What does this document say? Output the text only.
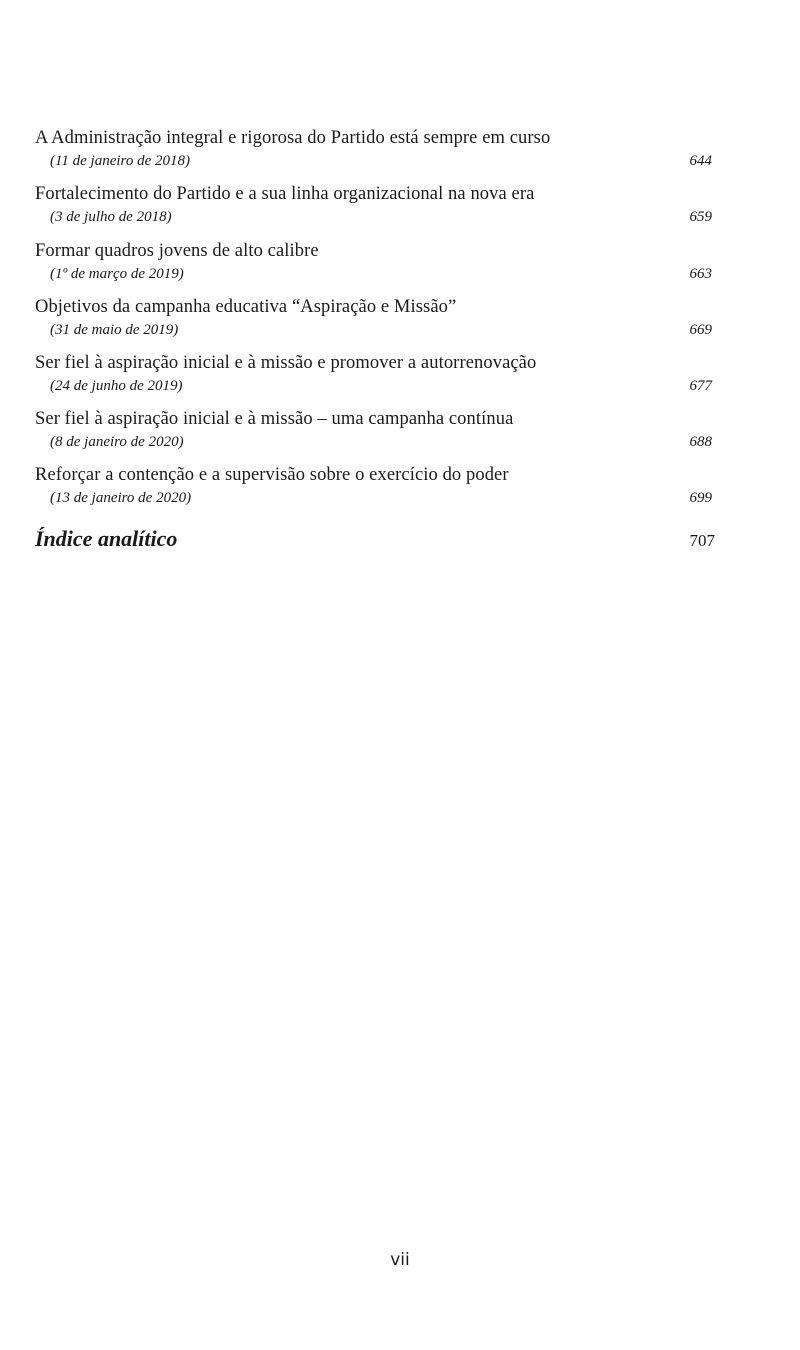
A Administração integral e rigorosa do Partido está sempre em curso
(11 de janeiro de 2018)	644
Fortalecimento do Partido e a sua linha organizacional na nova era
(3 de julho de 2018)	659
Formar quadros jovens de alto calibre
(1º de março de 2019)	663
Objetivos da campanha educativa “Aspiração e Missão”
(31 de maio de 2019)	669
Ser fiel à aspiração inicial e à missão e promover a autorrenovação
(24 de junho de 2019)	677
Ser fiel à aspiração inicial e à missão – uma campanha contínua
(8 de janeiro de 2020)	688
Reforçar a contenção e a supervisão sobre o exercício do poder
(13 de janeiro de 2020)	699
Índice analítico	707
vii
